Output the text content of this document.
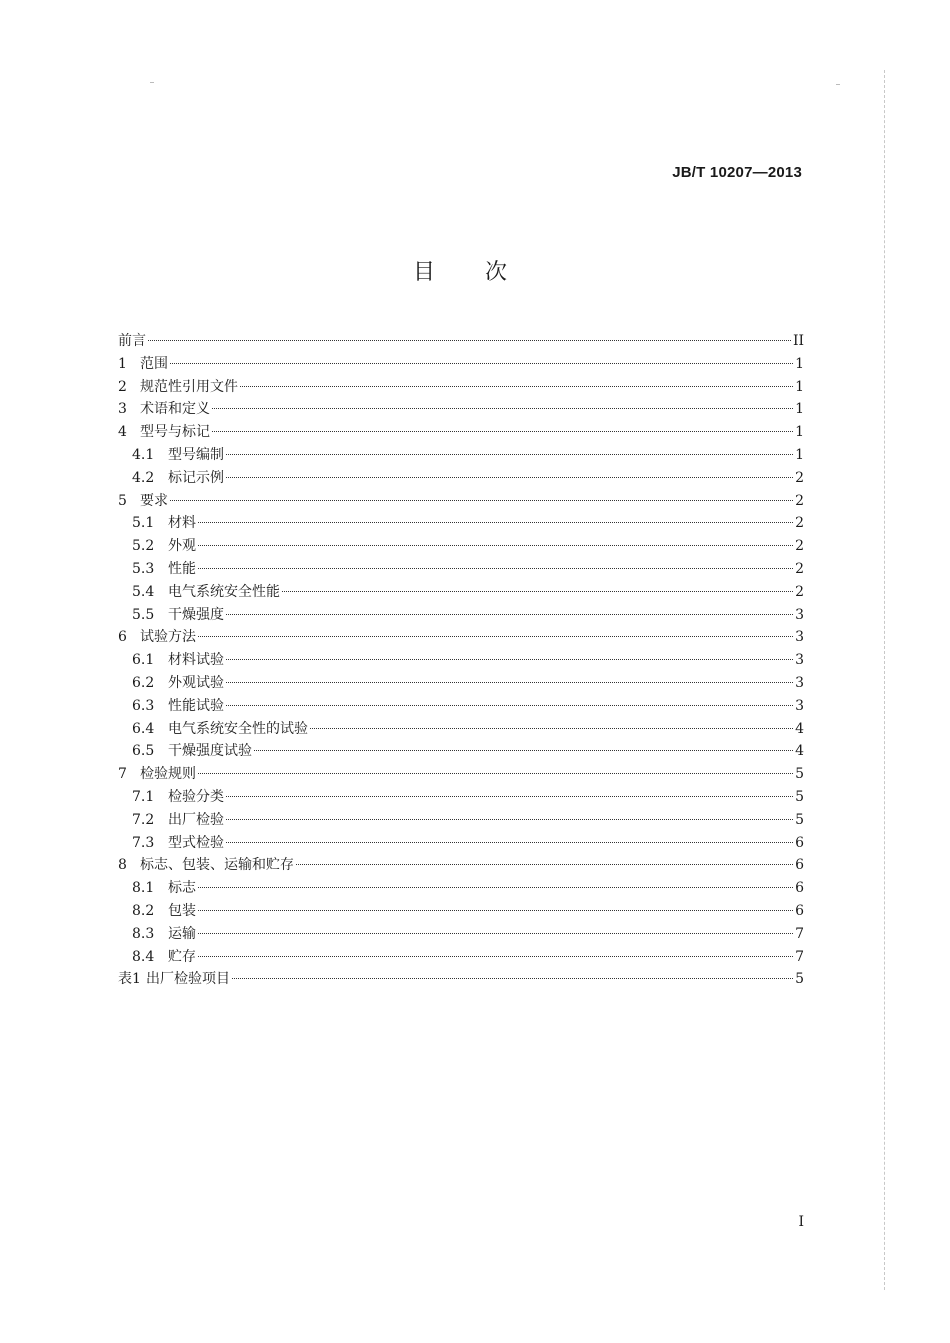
JB/T 10207—2013
目次
前言	II
1 范围	1
2 规范性引用文件	1
3 术语和定义	1
4 型号与标记	1
4.1 型号编制	1
4.2 标记示例	2
5 要求	2
5.1 材料	2
5.2 外观	2
5.3 性能	2
5.4 电气系统安全性能	2
5.5 干燥强度	3
6 试验方法	3
6.1 材料试验	3
6.2 外观试验	3
6.3 性能试验	3
6.4 电气系统安全性的试验	4
6.5 干燥强度试验	4
7 检验规则	5
7.1 检验分类	5
7.2 出厂检验	5
7.3 型式检验	6
8 标志、包装、运输和贮存	6
8.1 标志	6
8.2 包装	6
8.3 运输	7
8.4 贮存	7
表1 出厂检验项目	5
I
